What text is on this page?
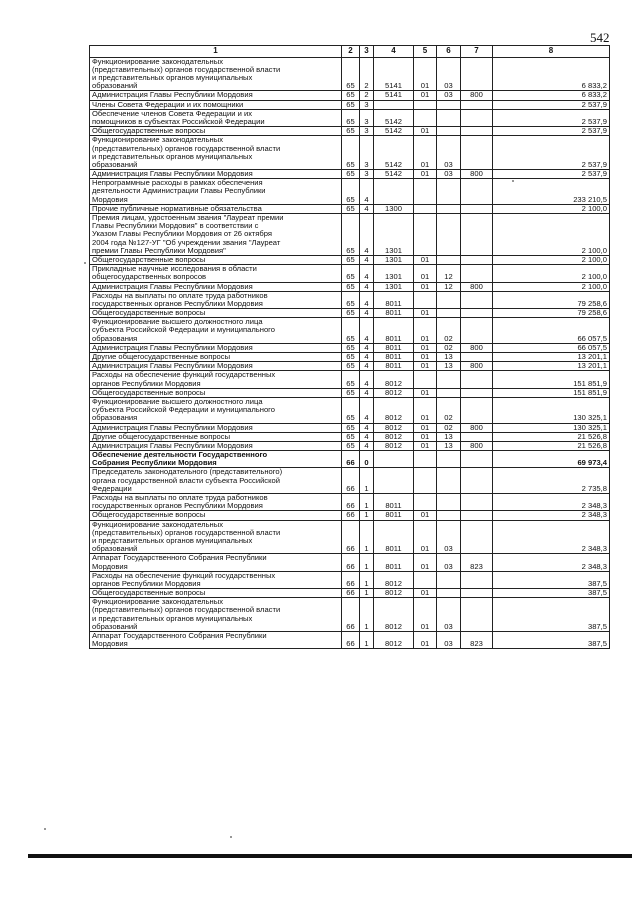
542
1	2	3	4	5	6	7	8
Функционирование законодательных
(представительных) органов государственной власти
и представительных органов муниципальных
образований	65	2	5141	01	03		6 833,2
Администрация Главы Республики Мордовия	65	2	5141	01	03	800	6 833,2
Члены Совета Федерации и их помощники	65	3					2 537,9
Обеспечение членов Совета Федерации и их
помощников в субъектах Российской Федерации	65	3	5142				2 537,9
Общегосударственные вопросы	65	3	5142	01			2 537,9
Функционирование законодательных
(представительных) органов государственной власти
и представительных органов муниципальных
образований	65	3	5142	01	03		2 537,9
Администрация Главы Республики Мордовия	65	3	5142	01	03	800	2 537,9
Непрограммные расходы в рамках обеспечения
деятельности Администрации Главы Республики
Мордовия	65	4					233 210,5
Прочие публичные нормативные обязательства	65	4	1300				2 100,0
Премия лицам, удостоенным звания "Лауреат премии
Главы Республики Мордовия" в соответствии с
Указом Главы Республики Мордовия от 26 октября
2004 года №127-УГ "Об учреждении звания "Лауреат
премии Главы Республики Мордовия"	65	4	1301				2 100,0
Общегосударственные вопросы	65	4	1301	01			2 100,0
Прикладные научные исследования в области
общегосударственных вопросов	65	4	1301	01	12		2 100,0
Администрация Главы Республики Мордовия	65	4	1301	01	12	800	2 100,0
Расходы на выплаты по оплате труда работников
государственных органов Республики Мордовия	65	4	8011				79 258,6
Общегосударственные вопросы	65	4	8011	01			79 258,6
Функционирование высшего должностного лица
субъекта Российской Федерации и муниципального
образования	65	4	8011	01	02		66 057,5
Администрация Главы Республики Мордовия	65	4	8011	01	02	800	66 057,5
Другие общегосударственные вопросы	65	4	8011	01	13		13 201,1
Администрация Главы Республики Мордовия	65	4	8011	01	13	800	13 201,1
Расходы на обеспечение функций государственных
органов Республики Мордовия	65	4	8012				151 851,9
Общегосударственные вопросы	65	4	8012	01			151 851,9
Функционирование высшего должностного лица
субъекта Российской Федерации и муниципального
образования	65	4	8012	01	02		130 325,1
Администрация Главы Республики Мордовия	65	4	8012	01	02	800	130 325,1
Другие общегосударственные вопросы	65	4	8012	01	13		21 526,8
Администрация Главы Республики Мордовия	65	4	8012	01	13	800	21 526,8
Обеспечение деятельности Государственного
Собрания Республики Мордовия	66	0					69 973,4
Председатель законодательного (представительного)
органа государственной власти субъекта Российской
Федерации	66	1					2 735,8
Расходы на выплаты по оплате труда работников
государственных органов Республики Мордовия	66	1	8011				2 348,3
Общегосударственные вопросы	66	1	8011	01			2 348,3
Функционирование законодательных
(представительных) органов государственной власти
и представительных органов муниципальных
образований	66	1	8011	01	03		2 348,3
Аппарат Государственного Собрания Республики
Мордовия	66	1	8011	01	03	823	2 348,3
Расходы на обеспечение функций государственных
органов Республики Мордовия	66	1	8012				387,5
Общегосударственные вопросы	66	1	8012	01			387,5
Функционирование законодательных
(представительных) органов государственной власти
и представительных органов муниципальных
образований	66	1	8012	01	03		387,5
Аппарат Государственного Собрания Республики
Мордовия	66	1	8012	01	03	823	387,5
